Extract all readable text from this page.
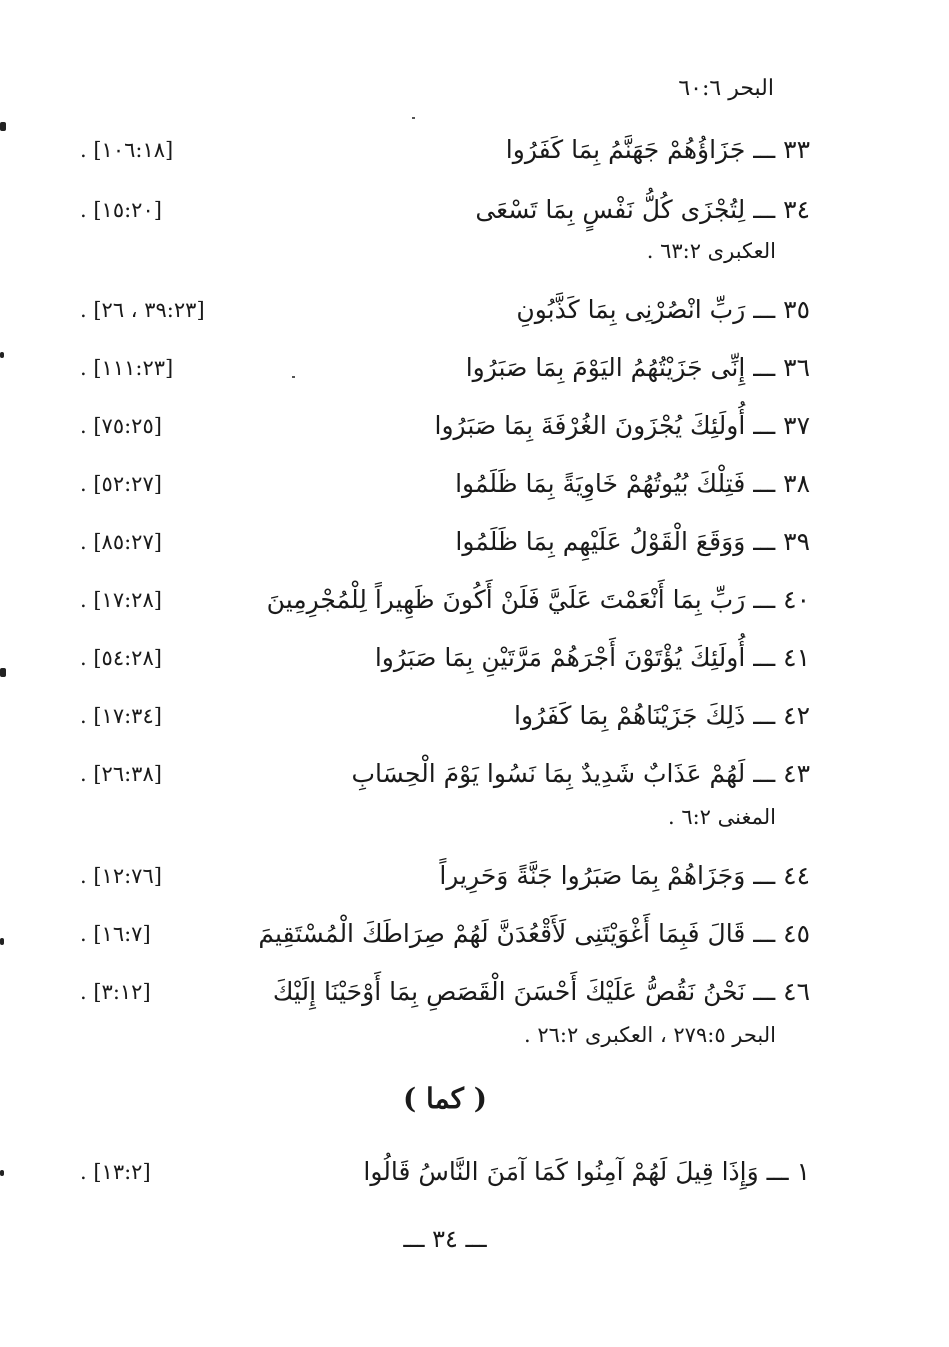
البحر ٦٠:٦
٣٣ ـــ جَزَاؤُهُمْ جَهَنَّمُ بِمَا كَفَرُوا
[١٠٦:١٨] .
٣٤ ـــ لِتُجْزَى كُلُّ نَفْسٍ بِمَا تَسْعَى
[١٥:٢٠] .
العكبرى ٦٣:٢ .
٣٥ ـــ رَبِّ انْصُرْنِى بِمَا كَذَّبُونِ
[٣٩:٢٣ ، ٢٦] .
٣٦ ـــ إِنِّى جَزَيْتُهُمُ اليَوْمَ بِمَا صَبَرُوا
[١١١:٢٣] .
٣٧ ـــ أُولَئِكَ يُجْزَونَ الغُرْفَةَ بِمَا صَبَرُوا
[٧٥:٢٥] .
٣٨ ـــ فَتِلْكَ بُيُوتُهُمْ خَاوِيَةً بِمَا ظَلَمُوا
[٥٢:٢٧] .
٣٩ ـــ وَوَقَعَ الْقَوْلُ عَلَيْهِم بِمَا ظَلَمُوا
[٨٥:٢٧] .
٤٠ ـــ رَبِّ بِمَا أَنْعَمْتَ عَلَيَّ فَلَنْ أَكُونَ ظَهِيراً لِلْمُجْرِمِينَ
[١٧:٢٨] .
٤١ ـــ أُولَئِكَ يُؤْتَوْنَ أَجْرَهُمْ مَرَّتَيْنِ بِمَا صَبَرُوا
[٥٤:٢٨] .
٤٢ ـــ ذَلِكَ جَزَيْنَاهُمْ بِمَا كَفَرُوا
[١٧:٣٤] .
٤٣ ـــ لَهُمْ عَذَابٌ شَدِيدٌ بِمَا نَسُوا يَوْمَ الْحِسَابِ
[٢٦:٣٨] .
المغنى ٦:٢ .
٤٤ ـــ وَجَزَاهُمْ بِمَا صَبَرُوا جَنَّةً وَحَرِيراً
[١٢:٧٦] .
٤٥ ـــ قَالَ فَبِمَا أَغْوَيْتَنِى لَأَقْعُدَنَّ لَهُمْ صِرَاطَكَ الْمُسْتَقِيمَ
[١٦:٧] .
٤٦ ـــ نَحْنُ نَقُصُّ عَلَيْكَ أَحْسَنَ الْقَصَصِ بِمَا أَوْحَيْنَا إِلَيْكَ
[٣:١٢] .
البحر ٢٧٩:٥ ، العكبرى ٢٦:٢ .
( كما )
١ ـــ وَإِذَا قِيلَ لَهُمْ آمِنُوا كَمَا آمَنَ النَّاسُ قَالُوا
[١٣:٢] .
ـــ ٣٤ ـــ
